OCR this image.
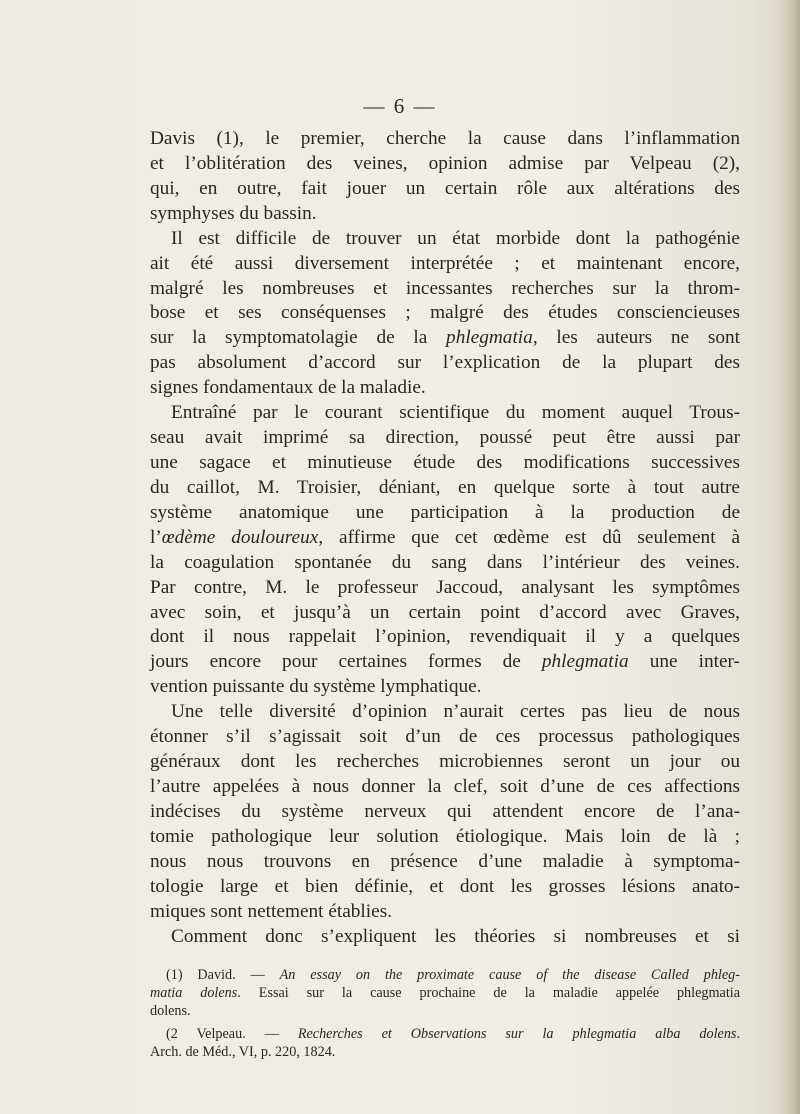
— 6 —
Davis (1), le premier, cherche la cause dans l’inflammation
et l’oblitération des veines, opinion admise par Velpeau (2),
qui, en outre, fait jouer un certain rôle aux altérations des
symphyses du bassin.
Il est difficile de trouver un état morbide dont la pathogénie
ait été aussi diversement interprétée ; et maintenant encore,
malgré les nombreuses et incessantes recherches sur la throm-
bose et ses conséquenses ; malgré des études consciencieuses
sur la symptomatolagie de la phlegmatia, les auteurs ne sont
pas absolument d’accord sur l’explication de la plupart des
signes fondamentaux de la maladie.
Entraîné par le courant scientifique du moment auquel Trous-
seau avait imprimé sa direction, poussé peut être aussi par
une sagace et minutieuse étude des modifications successives
du caillot, M. Troisier, déniant, en quelque sorte à tout autre
système anatomique une participation à la production de
l’œdème douloureux, affirme que cet œdème est dû seulement à
la coagulation spontanée du sang dans l’intérieur des veines.
Par contre, M. le professeur Jaccoud, analysant les symptômes
avec soin, et jusqu’à un certain point d’accord avec Graves,
dont il nous rappelait l’opinion, revendiquait il y a quelques
jours encore pour certaines formes de phlegmatia une inter-
vention puissante du système lymphatique.
Une telle diversité d’opinion n’aurait certes pas lieu de nous
étonner s’il s’agissait soit d’un de ces processus pathologiques
généraux dont les recherches microbiennes seront un jour ou
l’autre appelées à nous donner la clef, soit d’une de ces affections
indécises du système nerveux qui attendent encore de l’ana-
tomie pathologique leur solution étiologique. Mais loin de là ;
nous nous trouvons en présence d’une maladie à symptoma-
tologie large et bien définie, et dont les grosses lésions anato-
miques sont nettement établies.
Comment donc s’expliquent les théories si nombreuses et si
(1) David. — An essay on the proximate cause of the disease Called phleg-
matia dolens. Essai sur la cause prochaine de la maladie appelée phlegmatia
dolens.
(2 Velpeau. — Recherches et Observations sur la phlegmatia alba dolens.
Arch. de Méd., VI, p. 220, 1824.
